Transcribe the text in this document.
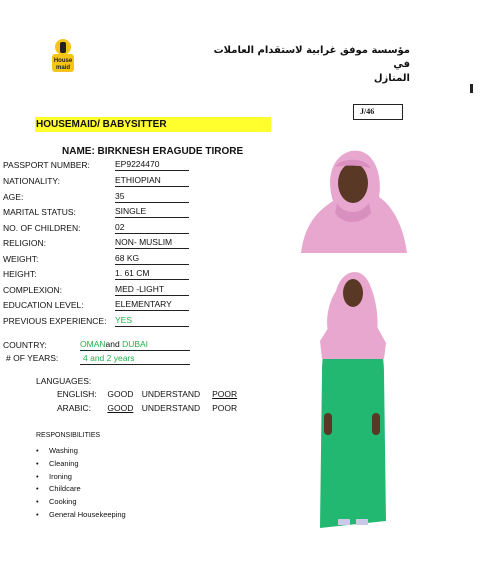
House
maid
مؤسسة موفق غرابية لاستقدام العاملات في
المنازل
J/46
HOUSEMAID/ BABYSITTER
NAME: BIRKNESH ERAGUDE TIRORE
PASSPORT NUMBER:	EP9224470
NATIONALITY:	ETHIOPIAN
AGE:	35
MARITAL STATUS:	SINGLE
NO. OF CHILDREN:	02
RELIGION:	NON- MUSLIM
WEIGHT:	68 KG
HEIGHT:	1. 61 CM
COMPLEXION:	MED -LIGHT
EDUCATION LEVEL:	ELEMENTARY
PREVIOUS EXPERIENCE: YES
COUNTRY:	OMANand DUBAI
# OF YEARS:	4 and 2 years
LANGUAGES:
ENGLISH: GOOD UNDERSTAND POOR
ARABIC: GOOD UNDERSTAND POOR
RESPONSIBILITIES
• Washing
• Cleaning
• Ironing
• Childcare
• Cooking
• General Housekeeping
